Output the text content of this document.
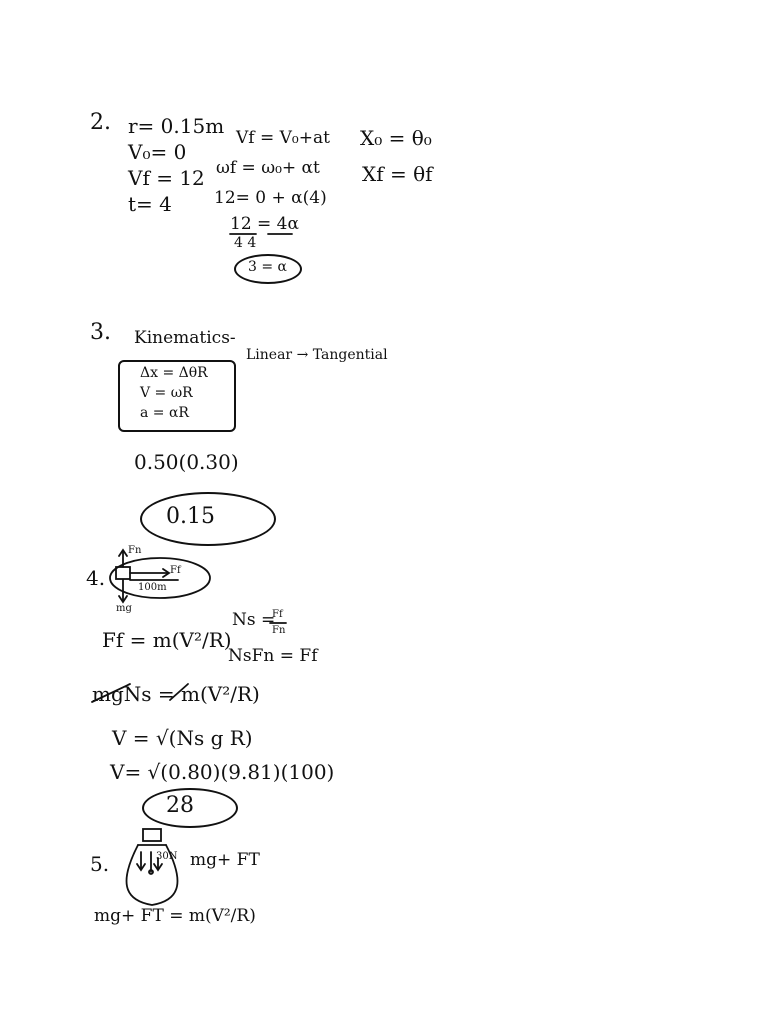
2. r= 0.15m
V₀= 0
Vf = 12
t= 4
Vf = V₀+at
ωf = ω₀+ αt
12= 0 + α(4)
12 = 4α
4 4
3 = α
X₀ = θ₀
Xf = θf
3. Kinematics-
Linear → Tangential
Δx = ΔθR
V = ωR
a = αR
0.50(0.30)
0.15
4.
Fn
Ff
100m
mg
Ff = m(V²/R)
Ns =
Ff
Fn
NsFn = Ff
mgNs = m(V²/R)
V = √(Ns g R)
V= √(0.80)(9.81)(100)
28
5.	30N mg+ FT
mg+ FT = m(V²/R)
